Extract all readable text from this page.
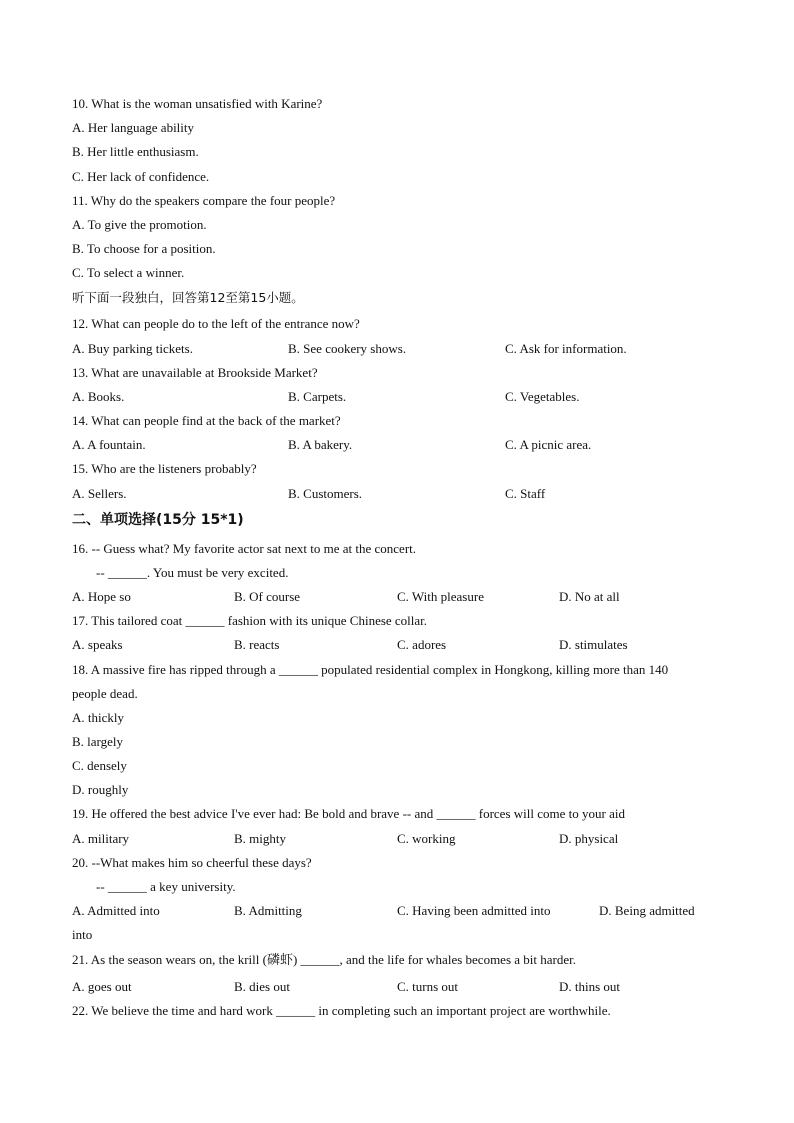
10. What is the woman unsatisfied with Karine?
A. Her language ability
B. Her little enthusiasm.
C. Her lack of confidence.
11. Why do the speakers compare the four people?
A. To give the promotion.
B. To choose for a position.
C. To select a winner.
听下面一段独白，回答第12至第15小题。
12. What can people do to the left of the entrance now?
A. Buy parking tickets.	B. See cookery shows.	C. Ask for information.
13. What are unavailable at Brookside Market?
A. Books.	B. Carpets.	C. Vegetables.
14. What can people find at the back of the market?
A. A fountain.	B. A bakery.	C. A picnic area.
15. Who are the listeners probably?
A. Sellers.	B. Customers.	C. Staff
二、单项选择(15分 15*1)
16. -- Guess what? My favorite actor sat next to me at the concert.
-- ______. You must be very excited.
A. Hope so	B. Of course	C. With pleasure	D. No at all
17. This tailored coat ______ fashion with its unique Chinese collar.
A. speaks	B. reacts	C. adores	D. stimulates
18. A massive fire has ripped through a ______ populated residential complex in Hongkong, killing more than 140
people dead.
A. thickly
B. largely
C. densely
D. roughly
19. He offered the best advice I've ever had: Be bold and brave -- and ______ forces will come to your aid
A. military	B. mighty	C. working	D. physical
20. --What makes him so cheerful these days?
-- ______ a key university.
A. Admitted into	B. Admitting	C. Having been admitted into	D. Being admitted
into
21. As the season wears on, the krill (磷虾) ______, and the life for whales becomes a bit harder.
A. goes out	B. dies out	C. turns out	D. thins out
22. We believe the time and hard work ______ in completing such an important project are worthwhile.
